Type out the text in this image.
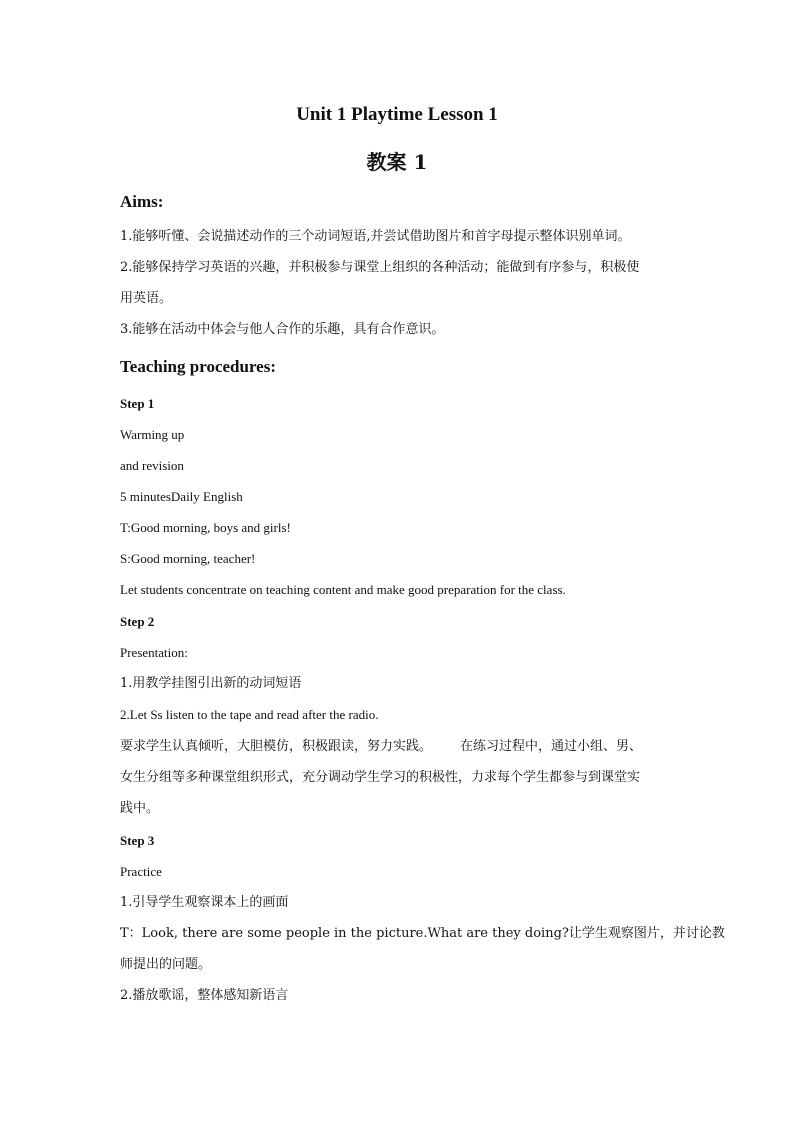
Unit 1 Playtime Lesson 1
教案 1
Aims:
1.能够听懂、会说描述动作的三个动词短语,并尝试借助图片和首字母提示整体识别单词。
2.能够保持学习英语的兴趣，并积极参与课堂上组织的各种活动；能做到有序参与，积极使
用英语。
3.能够在活动中体会与他人合作的乐趣，具有合作意识。
Teaching procedures:
Step 1
Warming up
and revision
5 minutesDaily English
T:Good morning, boys and girls!
S:Good morning, teacher!
Let students concentrate on teaching content and make good preparation for the class.
Step 2
Presentation:
1.用教学挂图引出新的动词短语
2.Let Ss listen to the tape and read after the radio.
要求学生认真倾听，大胆模仿，积极跟读，努力实践。 在练习过程中，通过小组、男、
女生分组等多种课堂组织形式，充分调动学生学习的积极性，力求每个学生都参与到课堂实
践中。
Step 3
Practice
1.引导学生观察课本上的画面
T：Look, there are some people in the picture.What are they doing?让学生观察图片，并讨论教
师提出的问题。
2.播放歌谣，整体感知新语言
